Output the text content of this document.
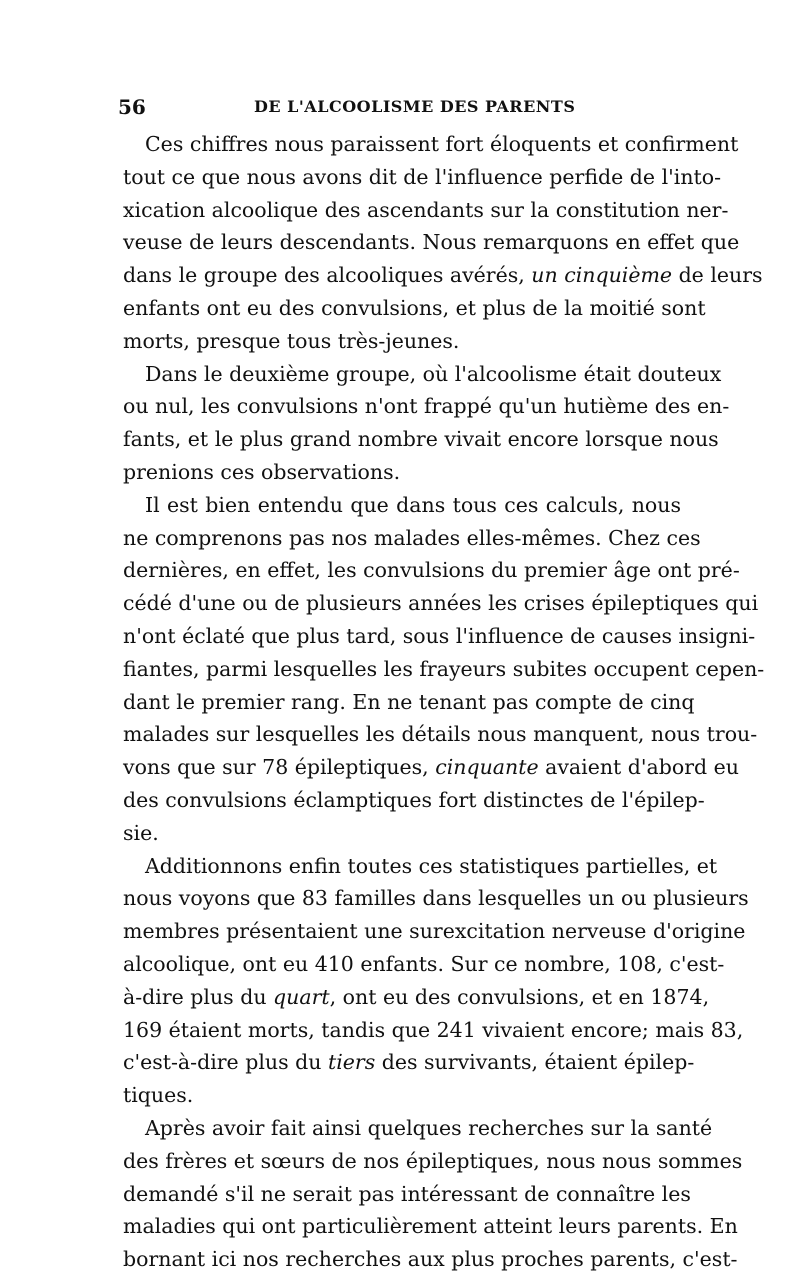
56	DE L'ALCOOLISME DES PARENTS
Ces chiffres nous paraissent fort éloquents et confirment
tout ce que nous avons dit de l'influence perfide de l'into-
xication alcoolique des ascendants sur la constitution ner-
veuse de leurs descendants. Nous remarquons en effet que
dans le groupe des alcooliques avérés, un cinquième de leurs
enfants ont eu des convulsions, et plus de la moitié sont
morts, presque tous très-jeunes.
Dans le deuxième groupe, où l'alcoolisme était douteux
ou nul, les convulsions n'ont frappé qu'un hutième des en-
fants, et le plus grand nombre vivait encore lorsque nous
prenions ces observations.
Il est bien entendu que dans tous ces calculs, nous
ne comprenons pas nos malades elles-mêmes. Chez ces
dernières, en effet, les convulsions du premier âge ont pré-
cédé d'une ou de plusieurs années les crises épileptiques qui
n'ont éclaté que plus tard, sous l'influence de causes insigni-
fiantes, parmi lesquelles les frayeurs subites occupent cepen-
dant le premier rang. En ne tenant pas compte de cinq
malades sur lesquelles les détails nous manquent, nous trou-
vons que sur 78 épileptiques, cinquante avaient d'abord eu
des convulsions éclamptiques fort distinctes de l'épilep-
sie.
Additionnons enfin toutes ces statistiques partielles, et
nous voyons que 83 familles dans lesquelles un ou plusieurs
membres présentaient une surexcitation nerveuse d'origine
alcoolique, ont eu 410 enfants. Sur ce nombre, 108, c'est-
à-dire plus du quart, ont eu des convulsions, et en 1874,
169 étaient morts, tandis que 241 vivaient encore; mais 83,
c'est-à-dire plus du tiers des survivants, étaient épilep-
tiques.
Après avoir fait ainsi quelques recherches sur la santé
des frères et sœurs de nos épileptiques, nous nous sommes
demandé s'il ne serait pas intéressant de connaître les
maladies qui ont particulièrement atteint leurs parents. En
bornant ici nos recherches aux plus proches parents, c'est-
